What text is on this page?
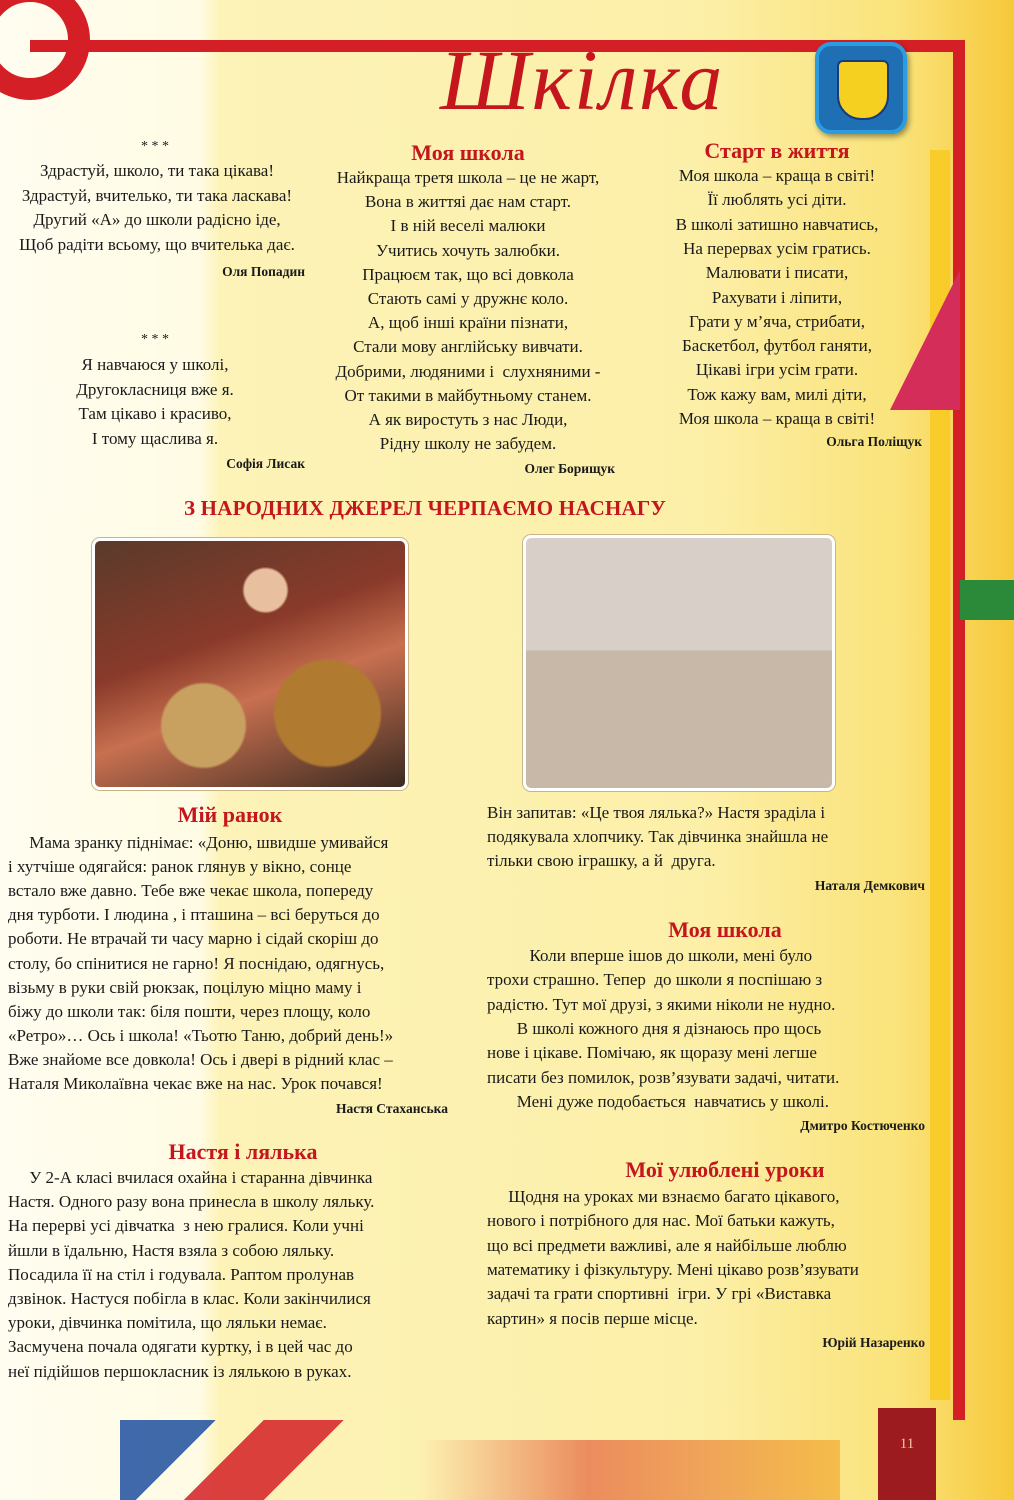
Шкілка
* * *
Здрастуй, школо, ти така цікава!
Здрастуй, вчителько, ти така ласкава!
Другий «А» до школи радісно іде,
Щоб радіти всьому, що вчителька дає.
Оля Попадин
* * *
Я навчаюся у школі,
Другокласниця вже я.
Там цікаво і красиво,
І тому щаслива я.
Софія Лисак
Моя школа
Найкраща третя школа – це не жарт,
Вона в життяі дає нам старт.
І в ній веселі малюки
Учитись хочуть залюбки.
Працюєм так, що всі довкола
Стають самі у дружнє коло.
А, щоб інші країни пізнати,
Стали мову англійську вивчати.
Добрими, людяними і  слухняними -
От такими в майбутньому станем.
А як виростуть з нас Люди,
Рідну школу не забудем.
Олег Борищук
Старт в життя
Моя школа – краща в світі!
Її люблять усі діти.
В школі затишно навчатись,
На перервах усім гратись.
Малювати і писати,
Рахувати і ліпити,
Грати у м’яча, стрибати,
Баскетбол, футбол ганяти,
Цікаві ігри усім грати.
Тож кажу вам, милі діти,
Моя школа – краща в світі!
Ольга Поліщук
З НАРОДНИХ ДЖЕРЕЛ ЧЕРПАЄМО НАСНАГУ
Мій ранок
Мама зранку піднімає: «Доню, швидше умивайся
і хутчіше одягайся: ранок глянув у вікно, сонце
встало вже давно. Тебе вже чекає школа, попереду
дня турботи. І людина , і пташина – всі беруться до
роботи. Не втрачай ти часу марно і сідай скоріш до
столу, бо спінитися не гарно! Я поснідаю, одягнусь,
візьму в руки свій рюкзак, поцілую міцно маму і
біжу до школи так: біля пошти, через площу, коло
«Ретро»… Ось і школа! «Тьотю Таню, добрий день!»
Вже знайоме все довкола! Ось і двері в рідний клас –
Наталя Миколаївна чекає вже на нас. Урок почався!
Настя Стаханська
Настя і лялька
У 2-А класі вчилася охайна і старанна дівчинка
Настя. Одного разу вона принесла в школу ляльку.
На перерві усі дівчатка  з нею гралися. Коли учні
йшли в їдальню, Настя взяла з собою ляльку.
Посадила її на стіл і годувала. Раптом пролунав
дзвінок. Настуся побігла в клас. Коли закінчилися
уроки, дівчинка помітила, що ляльки немає.
Засмучена почала одягати куртку, і в цей час до
неї підійшов першокласник із лялькою в руках.
Він запитав: «Це твоя лялька?» Настя зраділа і
подякувала хлопчику. Так дівчинка знайшла не
тільки свою іграшку, а й  друга.
Наталя Демкович
Моя школа
Коли вперше ішов до школи, мені було
трохи страшно. Тепер  до школи я поспішаю з
радістю. Тут мої друзі, з якими ніколи не нудно.
В школі кожного дня я дізнаюсь про щось
нове і цікаве. Помічаю, як щоразу мені легше
писати без помилок, розв’язувати задачі, читати.
Мені дуже подобається  навчатись у школі.
Дмитро Костюченко
Мої улюблені уроки
Щодня на уроках ми взнаємо багато цікавого,
нового і потрібного для нас. Мої батьки кажуть,
що всі предмети важливі, але я найбільше люблю
математику і фізкультуру. Мені цікаво розв’язувати
задачі та грати спортивні  ігри. У грі «Виставка
картин» я посів перше місце.
Юрій Назаренко
11
